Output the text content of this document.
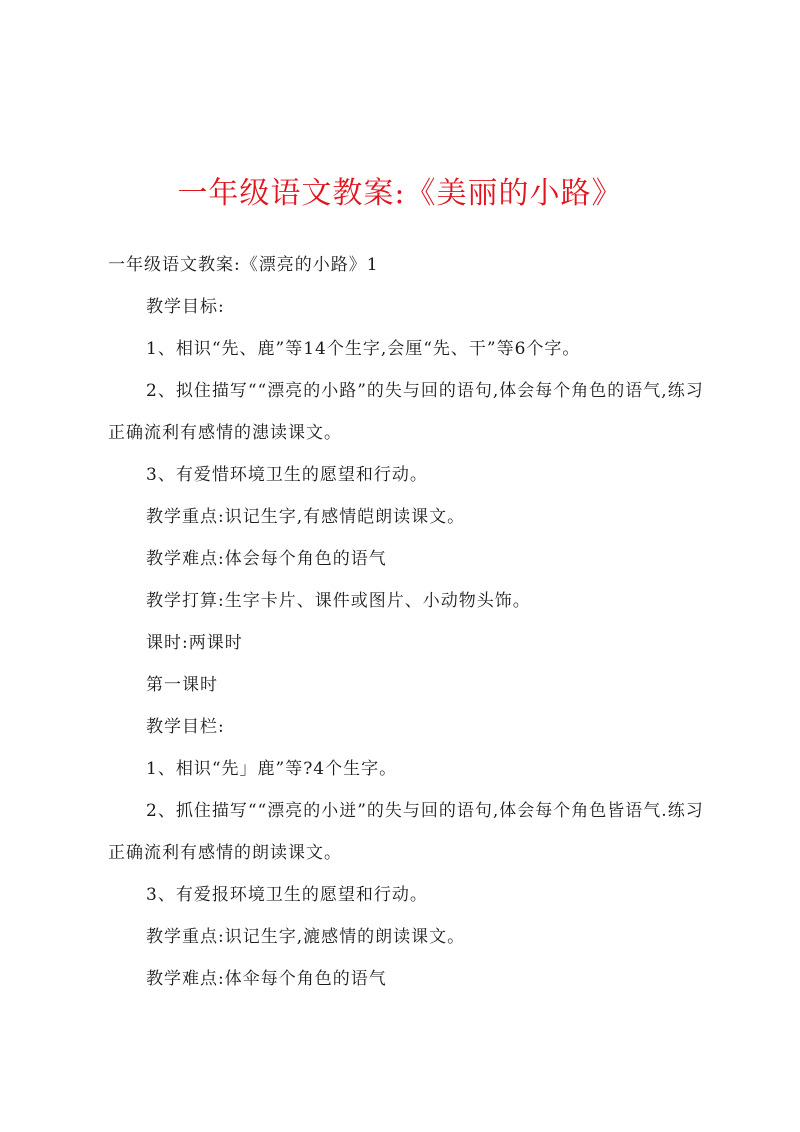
一年级语文教案:《美丽的小路》

一年级语文教案:《漂亮的小路》1

教学目标:

1、相识“先、鹿”等14个生字,会厘“先、干”等6个字。

2、拟住描写““漂亮的小路”的失与回的语句,体会每个角色的语气,练习正确流利有感情的漶读课文。

3、有爱惜环境卫生的愿望和行动。

教学重点:识记生字,有感情皑朗读课文。

教学难点:体会每个角色的语气

教学打算:生字卡片、课件或图片、小动物头饰。

课时:两课时

第一课时

教学目栏:

1、相识“先」鹿”等?4个生字。

2、抓住描写““漂亮的小迸”的失与回的语句,体会每个角色皆语气.练习正确流利有感情的朗读课文。

3、有爱报环境卫生的愿望和行动。

教学重点:识记生字,漉感情的朗读课文。

教学难点:体伞每个角色的语气
